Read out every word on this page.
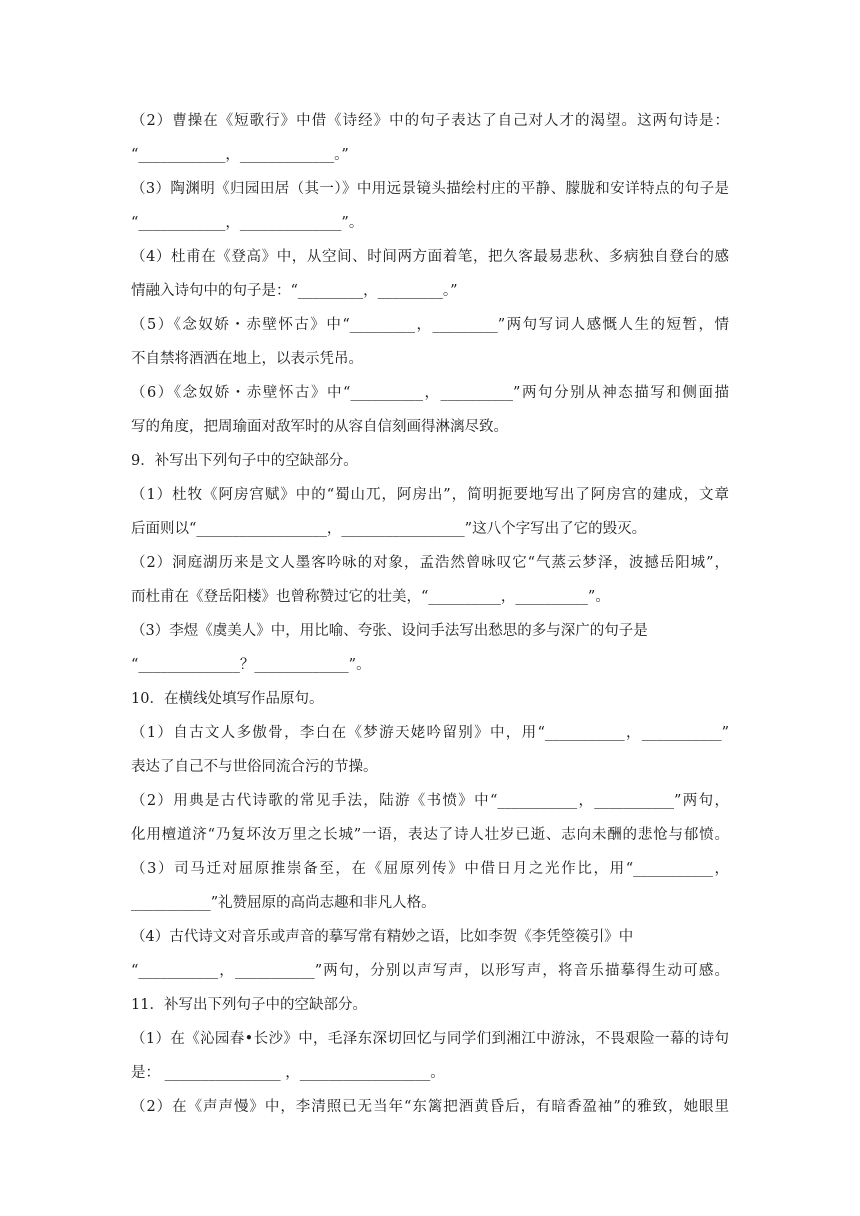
（2）曹操在《短歌行》中借《诗经》中的句子表达了自己对人才的渴望。这两句诗是：
“____________，_____________。”
（3）陶渊明《归园田居（其一）》中用远景镜头描绘村庄的平静、朦胧和安详特点的句子是
“____________，______________”。
（4）杜甫在《登高》中，从空间、时间两方面着笔，把久客最易悲秋、多病独自登台的感
情融入诗句中的句子是：“_________，_________。”
（5）《念奴娇・赤壁怀古》中“_________，_________”两句写词人感慨人生的短暂，情
不自禁将酒洒在地上，以表示凭吊。
（6）《念奴娇・赤壁怀古》中“__________，__________”两句分别从神态描写和侧面描
写的角度，把周瑜面对敌军时的从容自信刻画得淋漓尽致。
9．补写出下列句子中的空缺部分。
（1）杜牧《阿房宫赋》中的“蜀山兀，阿房出”，简明扼要地写出了阿房宫的建成，文章
后面则以“__________________，_________________”这八个字写出了它的毁灭。
（2）洞庭湖历来是文人墨客吟咏的对象，孟浩然曾咏叹它“气蒸云梦泽，波撼岳阳城”，
而杜甫在《登岳阳楼》也曾称赞过它的壮美，“__________，__________”。
（3）李煜《虞美人》中，用比喻、夸张、设问手法写出愁思的多与深广的句子是
“______________？_____________”。
10．在横线处填写作品原句。
（1）自古文人多傲骨，李白在《梦游天姥吟留别》中，用“___________，___________”
表达了自己不与世俗同流合污的节操。
（2）用典是古代诗歌的常见手法，陆游《书愤》中“___________，___________”两句，
化用檀道济“乃复坏汝万里之长城”一语，表达了诗人壮岁已逝、志向未酬的悲怆与郁愤。
（3）司马迁对屈原推崇备至，在《屈原列传》中借日月之光作比，用“___________，
___________”礼赞屈原的高尚志趣和非凡人格。
（4）古代诗文对音乐或声音的摹写常有精妙之语，比如李贺《李凭箜篌引》中
“___________，___________”两句，分别以声写声，以形写声，将音乐描摹得生动可感。
11．补写出下列句子中的空缺部分。
（1）在《沁园春•长沙》中，毛泽东深切回忆与同学们到湘江中游泳，不畏艰险一幕的诗句
是： ________________ ，__________________。
（2）在《声声慢》中，李清照已无当年“东篱把酒黄昏后，有暗香盈袖”的雅致，她眼里
